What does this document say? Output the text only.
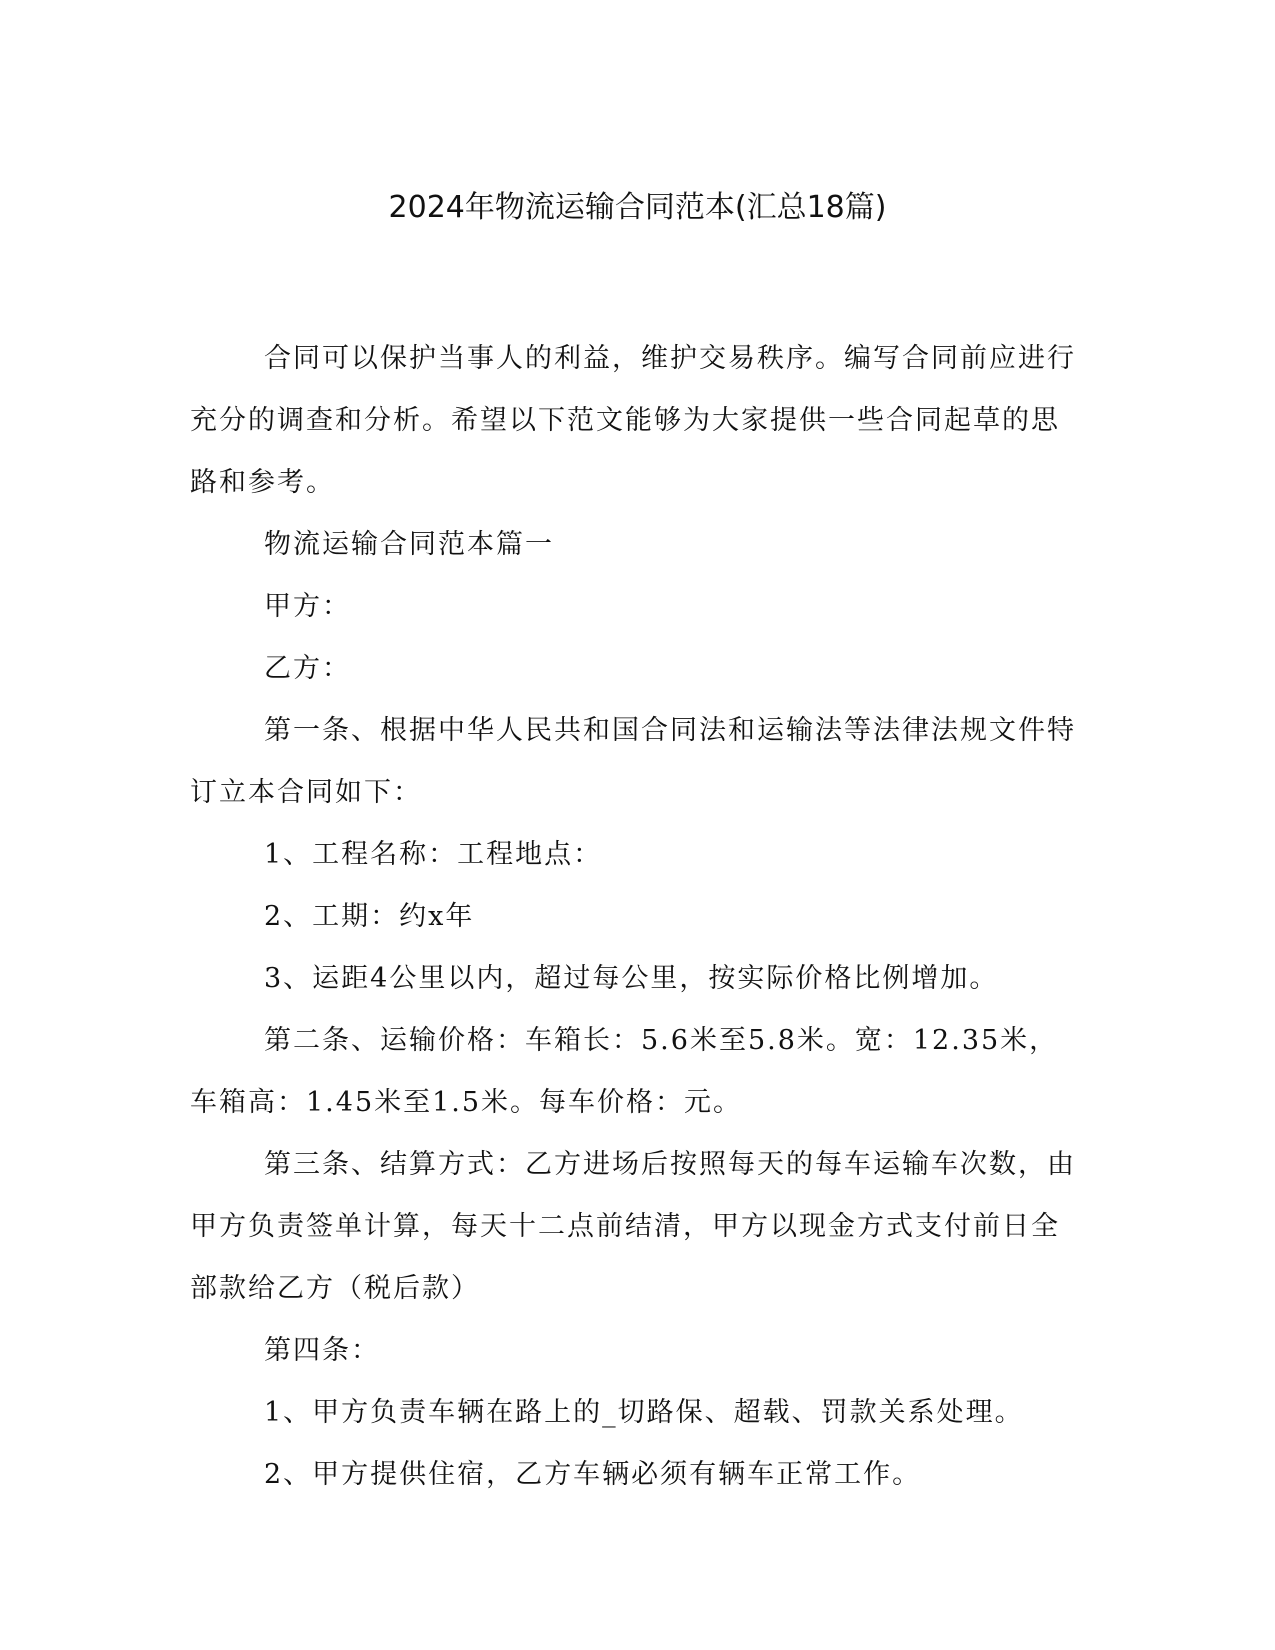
2024年物流运输合同范本(汇总18篇)

合同可以保护当事人的利益，维护交易秩序。编写合同前应进行充分的调查和分析。希望以下范文能够为大家提供一些合同起草的思路和参考。

物流运输合同范本篇一

甲方：

乙方：

第一条、根据中华人民共和国合同法和运输法等法律法规文件特订立本合同如下：

1、工程名称：工程地点：

2、工期：约x年

3、运距4公里以内，超过每公里，按实际价格比例增加。

第二条、运输价格：车箱长：5.6米至5.8米。宽：12.35米，车箱高：1.45米至1.5米。每车价格：元。

第三条、结算方式：乙方进场后按照每天的每车运输车次数，由甲方负责签单计算，每天十二点前结清，甲方以现金方式支付前日全部款给乙方（税后款）

第四条：

1、甲方负责车辆在路上的_切路保、超载、罚款关系处理。

2、甲方提供住宿，乙方车辆必须有辆车正常工作。
